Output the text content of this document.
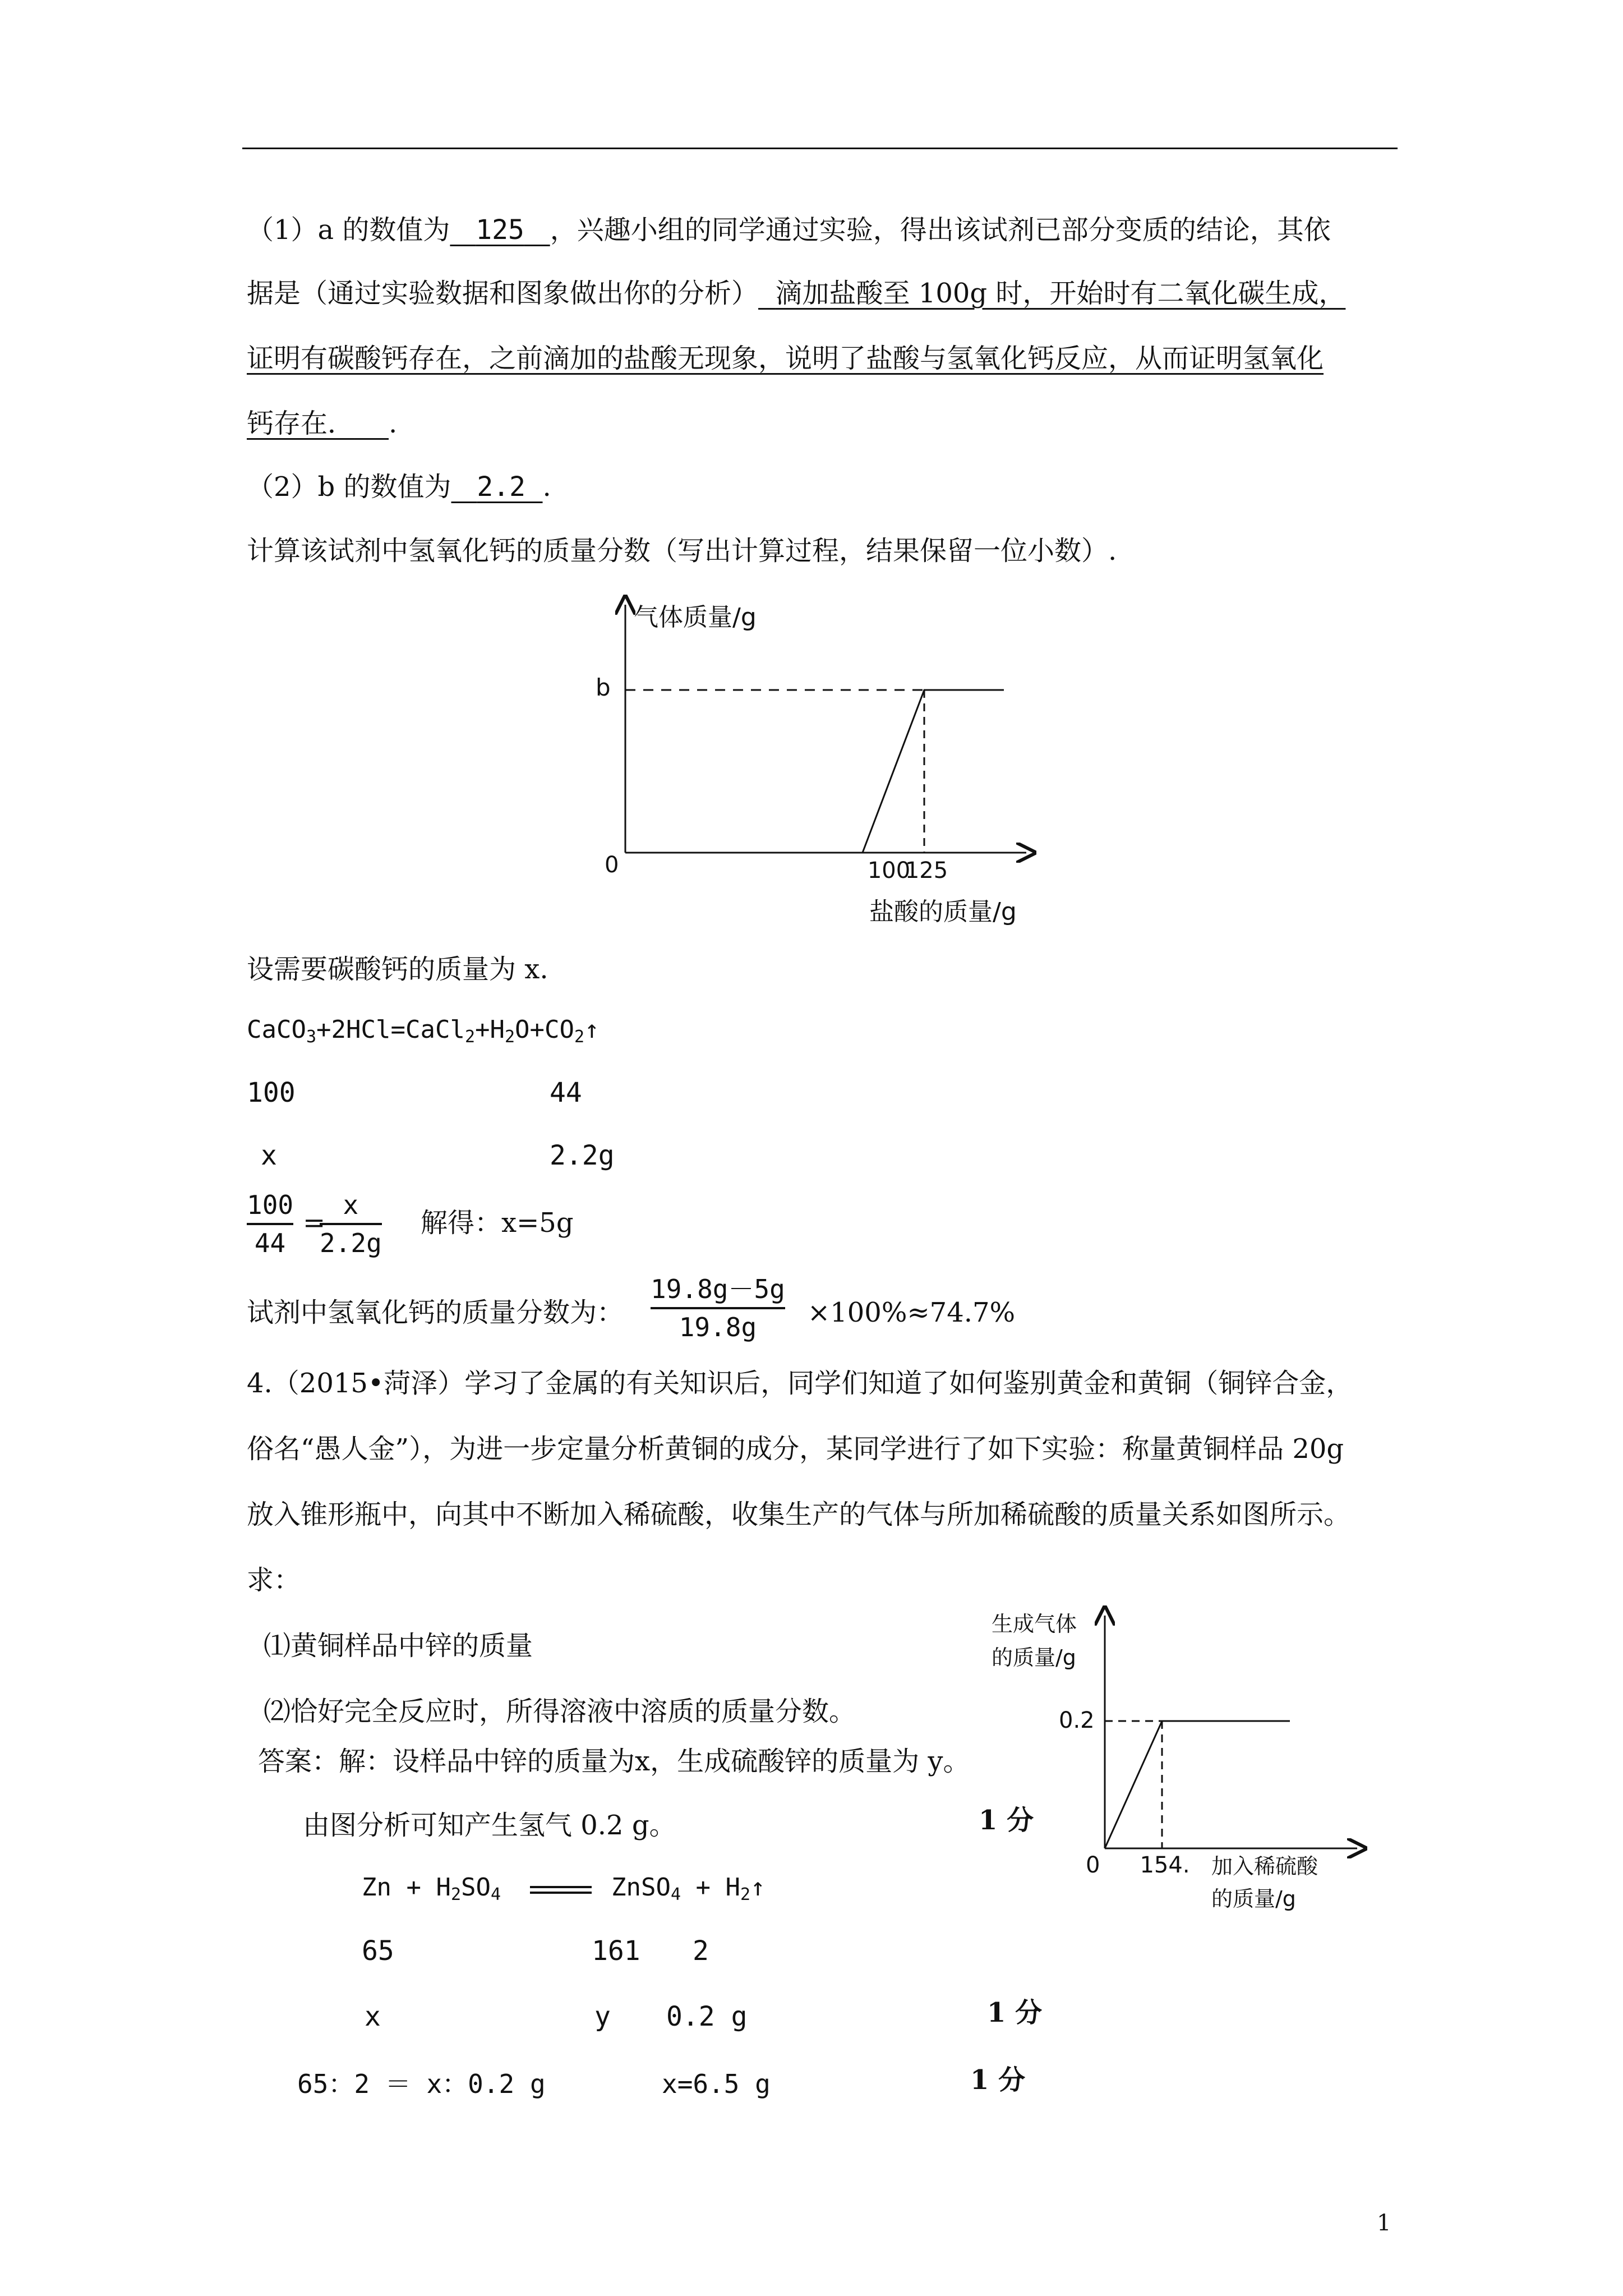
（1）a 的数值为 125 ，兴趣小组的同学通过实验，得出该试剂已部分变质的结论，其依
据是（通过实验数据和图象做出你的分析） 滴加盐酸至 100g 时，开始时有二氧化碳生成，
证明有碳酸钙存在，之前滴加的盐酸无现象，说明了盐酸与氢氧化钙反应，从而证明氢氧化
钙存在． .
（2）b 的数值为 2.2 .
计算该试剂中氢氧化钙的质量分数（写出计算过程，结果保留一位小数）.
气体质量/g
盐酸的质量/g
0
b
100
125
设需要碳酸钙的质量为 x.
$CaCO_3+2HCl=CaCl_2+H_2O+CO_2↑$
100	44
x	2.2g
100
44
=
x
2.2g
解得：x=5g
试剂中氢氧化钙的质量分数为：
19.8g－5g
19.8g ×100%≈74.7%
4.（2015•菏泽）学习了金属的有关知识后，同学们知道了如何鉴别黄金和黄铜（铜锌合金，
俗名“愚人金”），为进一步定量分析黄铜的成分，某同学进行了如下实验：称量黄铜样品 20g
放入锥形瓶中，向其中不断加入稀硫酸，收集生产的气体与所加稀硫酸的质量关系如图所示。
求：
⑴黄铜样品中锌的质量
⑵恰好完全反应时，所得溶液中溶质的质量分数。
答案：解：设样品中锌的质量为x，生成硫酸锌的质量为 y。
生成气体
的质量/g
0
0.2
154. 加入稀硫酸
的质量/g
由图分析可知产生氢气 0.2 g。	1 分
$Zn + H_2SO_4$	ZnSO$_4$ + $H_2↑$
65	161 2
x	y 0.2 g	1 分
65：2 ＝ x：0.2 g	x=6.5 g	1 分
1
